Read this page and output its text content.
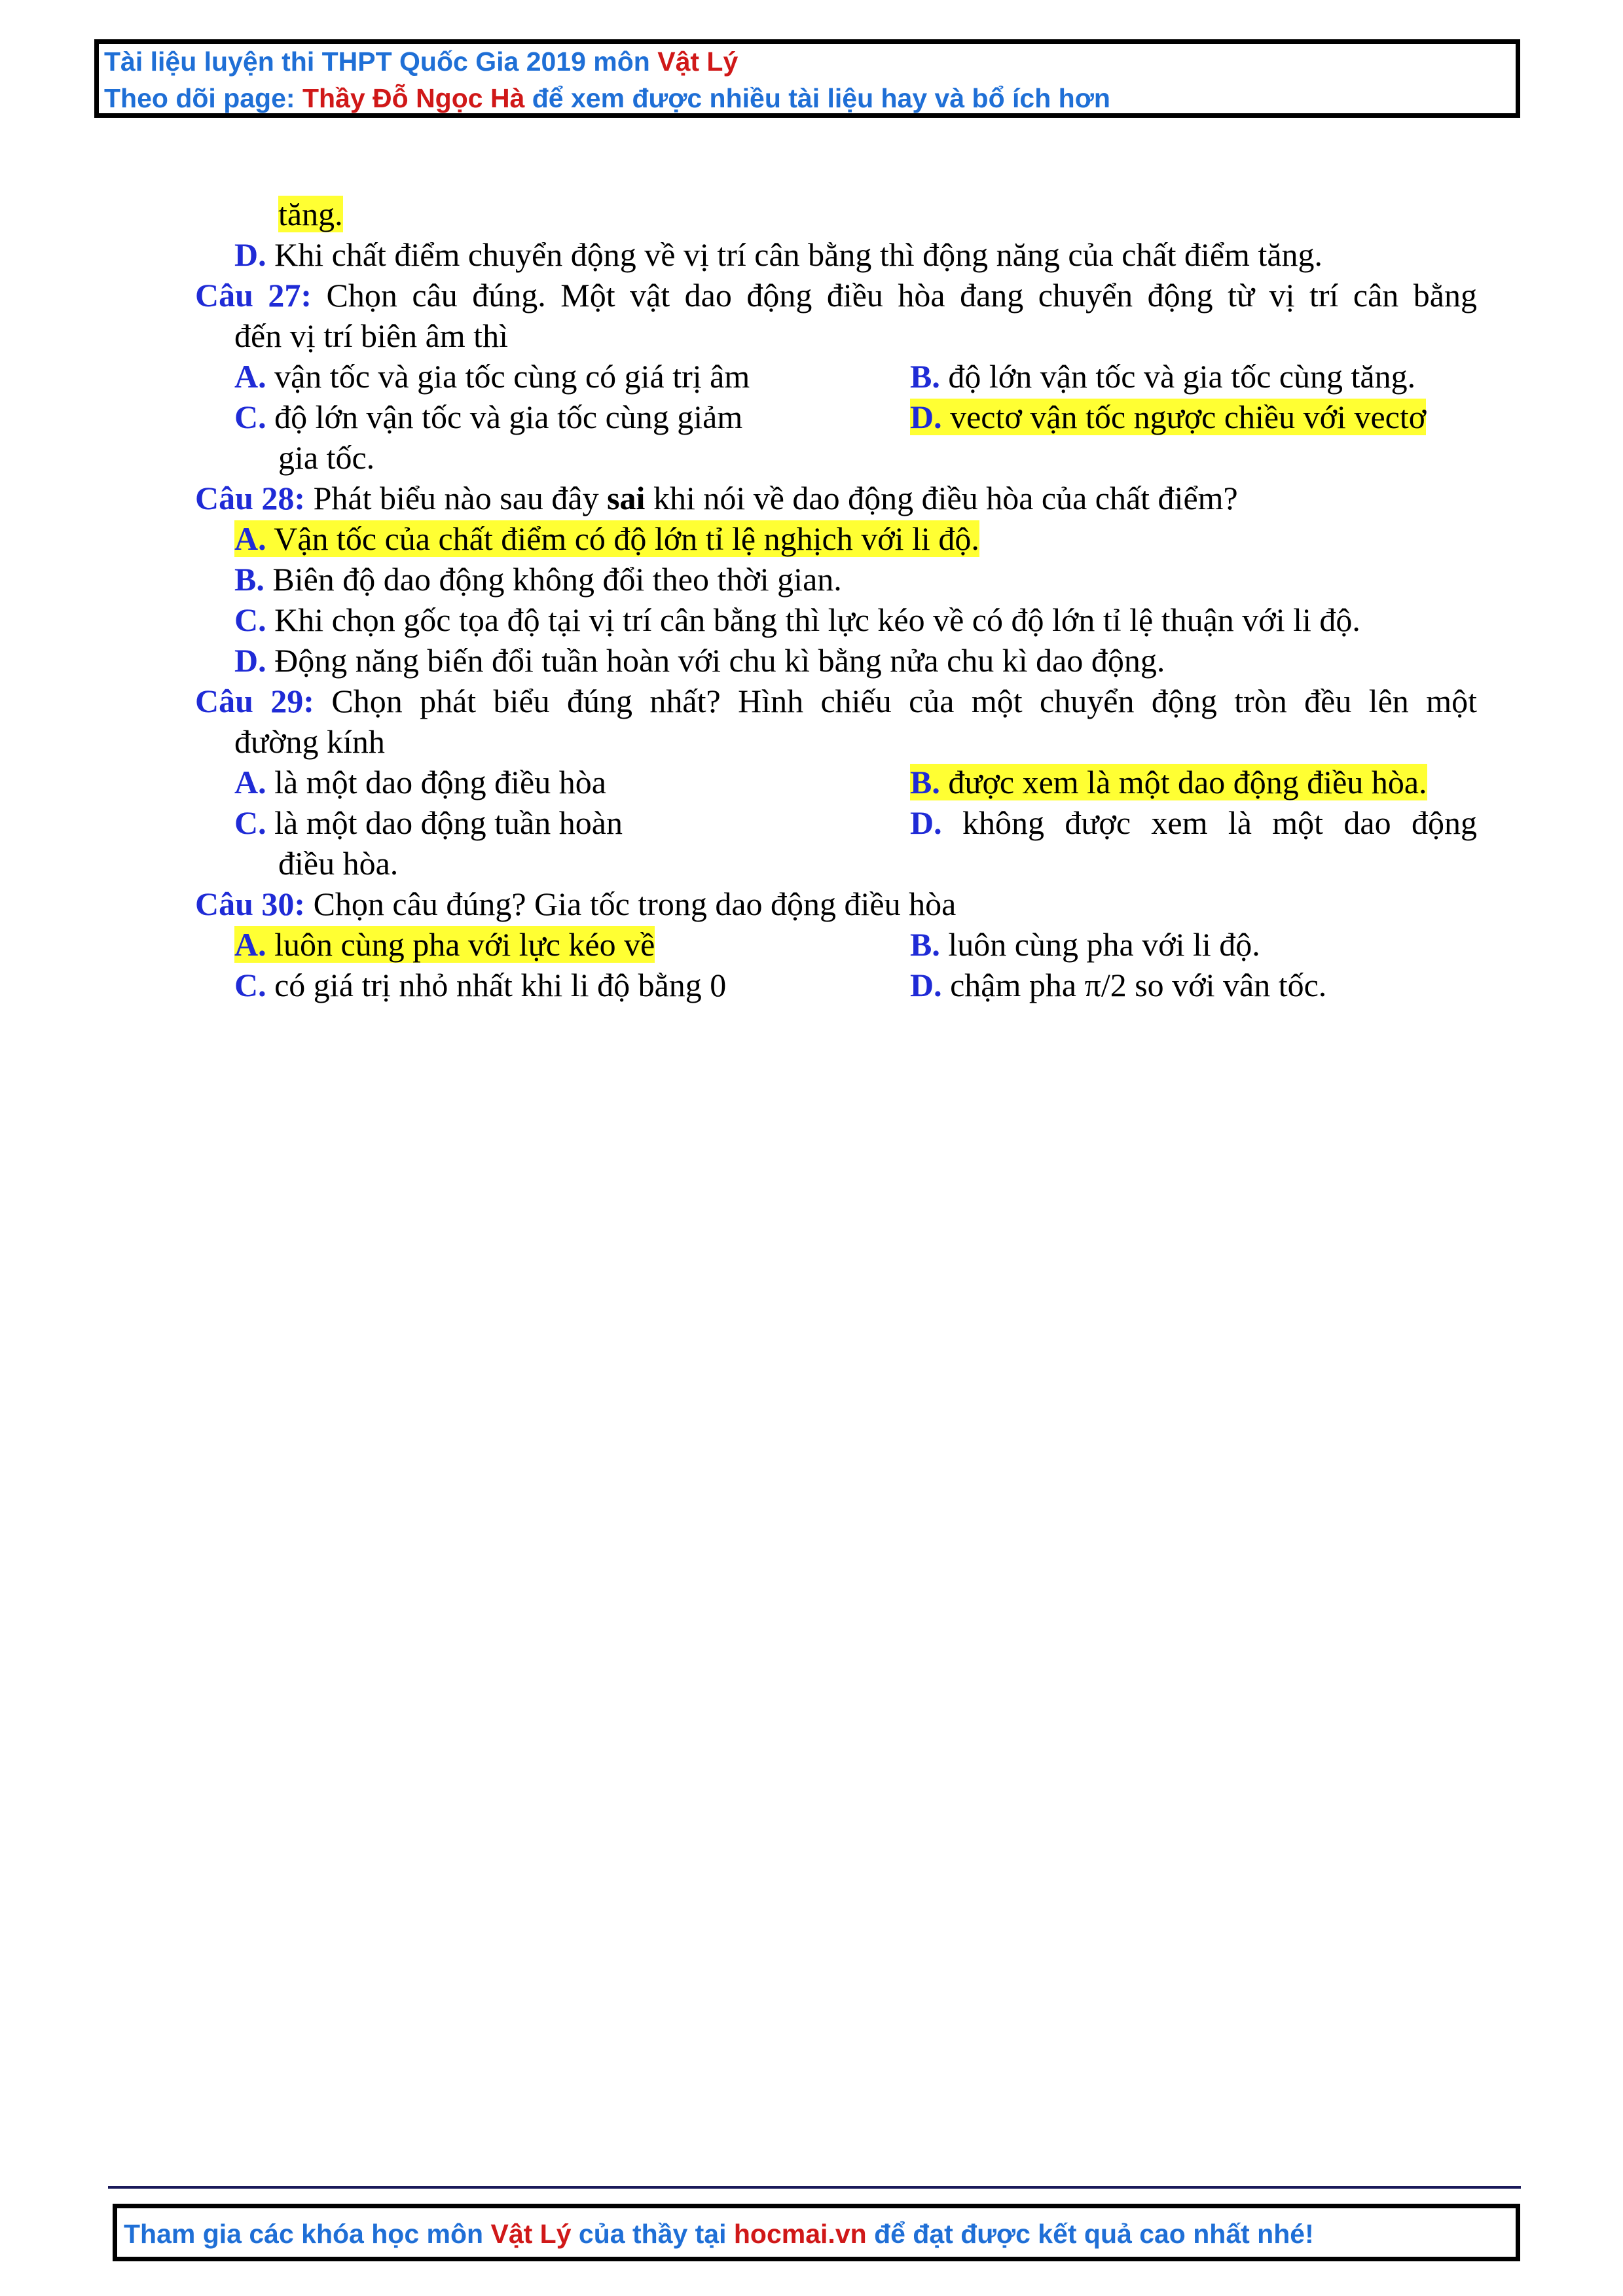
Tài liệu luyện thi THPT Quốc Gia 2019 môn Vật Lý
Theo dõi page: Thầy Đỗ Ngọc Hà để xem được nhiều tài liệu hay và bổ ích hơn
tăng.
D. Khi chất điểm chuyển động về vị trí cân bằng thì động năng của chất điểm tăng.
Câu 27: Chọn câu đúng. Một vật dao động điều hòa đang chuyển động từ vị trí cân bằng
đến vị trí biên âm thì
A. vận tốc và gia tốc cùng có giá trị âm	B. độ lớn vận tốc và gia tốc cùng tăng.
C. độ lớn vận tốc và gia tốc cùng giảm	D. vectơ vận tốc ngược chiều với vectơ
gia tốc.
Câu 28: Phát biểu nào sau đây sai khi nói về dao động điều hòa của chất điểm?
A. Vận tốc của chất điểm có độ lớn tỉ lệ nghịch với li độ.
B. Biên độ dao động không đổi theo thời gian.
C. Khi chọn gốc tọa độ tại vị trí cân bằng thì lực kéo về có độ lớn tỉ lệ thuận với li độ.
D. Động năng biến đổi tuần hoàn với chu kì bằng nửa chu kì dao động.
Câu 29: Chọn phát biểu đúng nhất? Hình chiếu của một chuyển động tròn đều lên một
đường kính
A. là một dao động điều hòa	B. được xem là một dao động điều hòa.
C. là một dao động tuần hoàn	D. không được xem là một dao động
điều hòa.
Câu 30: Chọn câu đúng? Gia tốc trong dao động điều hòa
A. luôn cùng pha với lực kéo về	B. luôn cùng pha với li độ.
C. có giá trị nhỏ nhất khi li độ bằng 0	D. chậm pha π/2 so với vân tốc.
Tham gia các khóa học môn Vật Lý của thầy tại hocmai.vn để đạt được kết quả cao nhất nhé!
